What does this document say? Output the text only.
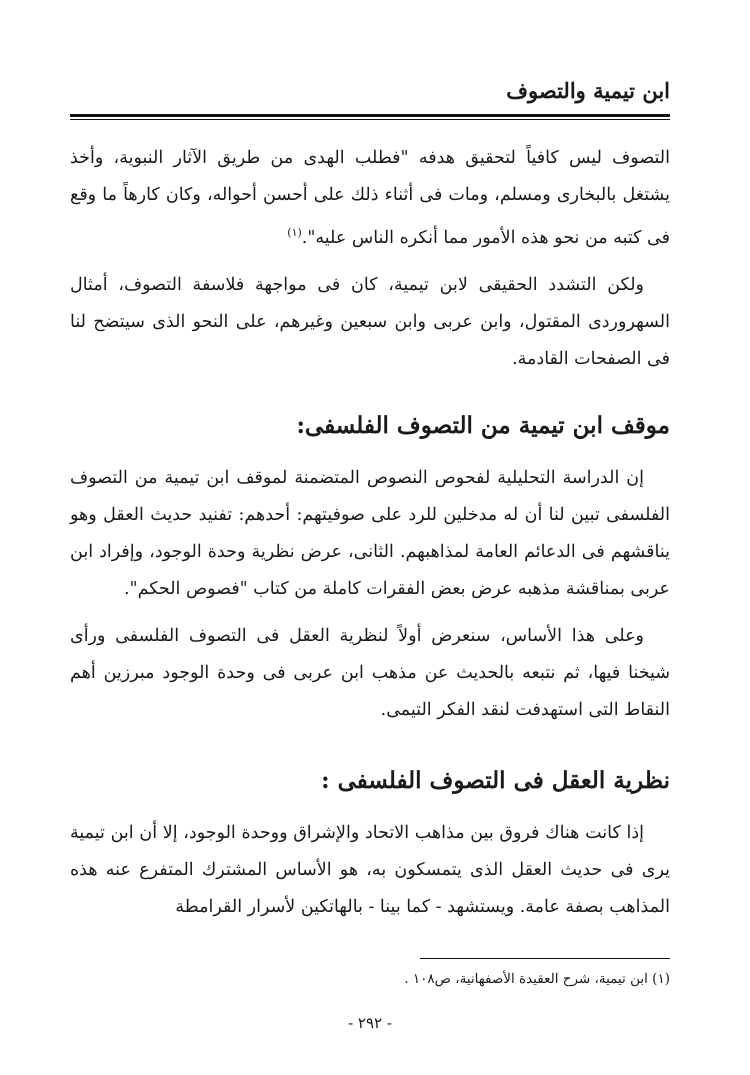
ابن تيمية والتصوف

التصوف ليس كافياً لتحقيق هدفه "فطلب الهدى من طريق الآثار النبوية، وأخذ يشتغل بالبخارى ومسلم، ومات فى أثناء ذلك على أحسن أحواله، وكان كارهاً ما وقع فى كتبه من نحو هذه الأمور مما أنكره الناس عليه".$^{(١)}$

ولكن التشدد الحقيقى لابن تيمية، كان فى مواجهة فلاسفة التصوف، أمثال السهروردى المقتول، وابن عربى وابن سبعين وغيرهم، على النحو الذى سيتضح لنا فى الصفحات القادمة.

موقف ابن تيمية من التصوف الفلسفى:

إن الدراسة التحليلية لفحوص النصوص المتضمنة لموقف ابن تيمية من التصوف الفلسفى تبين لنا أن له مدخلين للرد على صوفيتهم: أحدهم: تفنيد حديث العقل وهو يناقشهم فى الدعائم العامة لمذاهبهم. الثانى، عرض نظرية وحدة الوجود، وإفراد ابن عربى بمناقشة مذهبه عرض بعض الفقرات كاملة من كتاب "فصوص الحكم".

وعلى هذا الأساس، سنعرض أولاً لنظرية العقل فى التصوف الفلسفى ورأى شيخنا فيها، ثم نتبعه بالحديث عن مذهب ابن عربى فى وحدة الوجود مبرزين أهم النقاط التى استهدفت لنقد الفكر التيمى.

نظرية العقل فى التصوف الفلسفى :

إذا كانت هناك فروق بين مذاهب الاتحاد والإشراق ووحدة الوجود، إلا أن ابن تيمية يرى فى حديث العقل الذى يتمسكون به، هو الأساس المشترك المتفرع عنه هذه المذاهب بصفة عامة. ويستشهد - كما بينا - بالهاتكين لأسرار القرامطة

(١) ابن تيمية، شرح العقيدة الأصفهانية، ص١٠٨ .
- ٢٩٢ -
